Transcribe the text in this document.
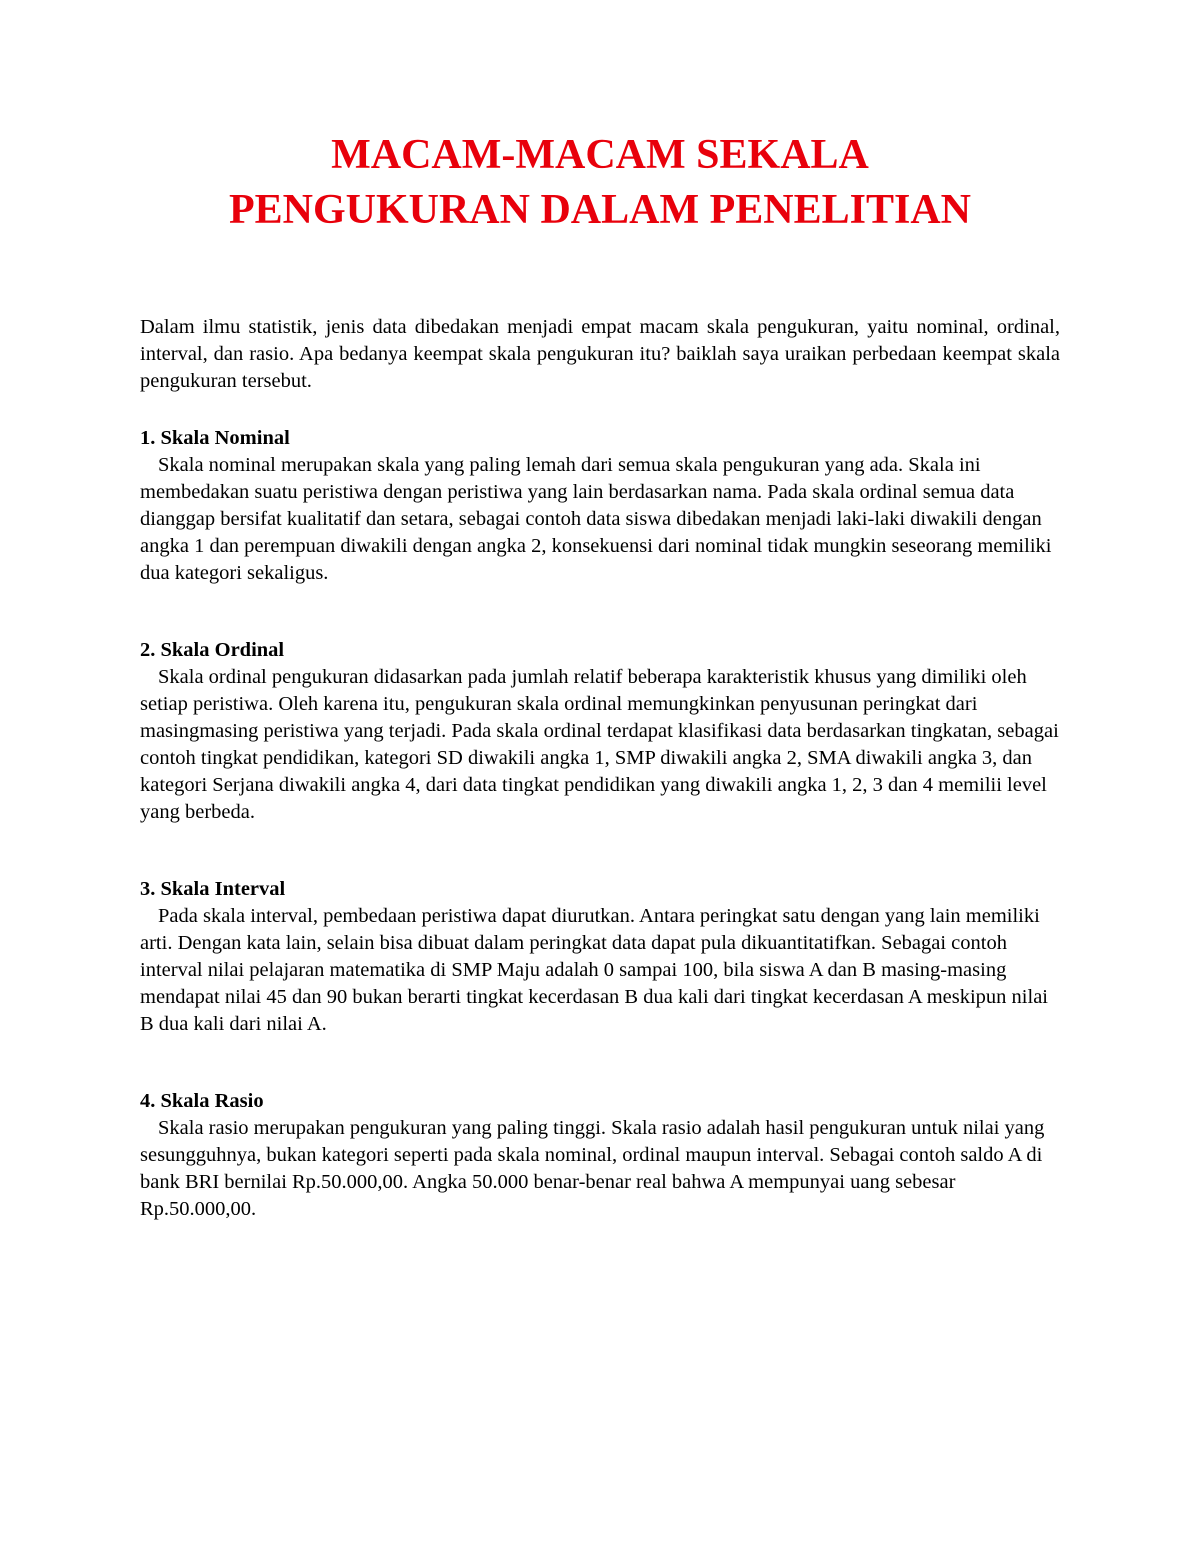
MACAM-MACAM SEKALA
PENGUKURAN DALAM PENELITIAN

Dalam ilmu statistik, jenis data dibedakan menjadi empat macam skala pengukuran, yaitu nominal, ordinal, interval, dan rasio. Apa bedanya keempat skala pengukuran itu? baiklah saya uraikan perbedaan keempat skala pengukuran tersebut.

1. Skala Nominal

Skala nominal merupakan skala yang paling lemah dari semua skala pengukuran yang ada. Skala ini membedakan suatu peristiwa dengan peristiwa yang lain berdasarkan nama. Pada skala ordinal semua data dianggap bersifat kualitatif dan setara, sebagai contoh data siswa dibedakan menjadi laki-laki diwakili dengan angka 1 dan perempuan diwakili dengan angka 2, konsekuensi dari nominal tidak mungkin seseorang memiliki dua kategori sekaligus.

2. Skala Ordinal

Skala ordinal pengukuran didasarkan pada jumlah relatif beberapa karakteristik khusus yang dimiliki oleh setiap peristiwa. Oleh karena itu, pengukuran skala ordinal memungkinkan penyusunan peringkat dari masingmasing peristiwa yang terjadi. Pada skala ordinal terdapat klasifikasi data berdasarkan tingkatan, sebagai contoh tingkat pendidikan, kategori SD diwakili angka 1, SMP diwakili angka 2, SMA diwakili angka 3, dan kategori Serjana diwakili angka 4, dari data tingkat pendidikan yang diwakili angka 1, 2, 3 dan 4 memilii level yang berbeda.

3. Skala Interval

Pada skala interval, pembedaan peristiwa dapat diurutkan. Antara peringkat satu dengan yang lain memiliki arti. Dengan kata lain, selain bisa dibuat dalam peringkat data dapat pula dikuantitatifkan. Sebagai contoh interval nilai pelajaran matematika di SMP Maju adalah 0 sampai 100, bila siswa A dan B masing-masing mendapat nilai 45 dan 90 bukan berarti tingkat kecerdasan B dua kali dari tingkat kecerdasan A meskipun nilai B dua kali dari nilai A.

4. Skala Rasio

Skala rasio merupakan pengukuran yang paling tinggi. Skala rasio adalah hasil pengukuran untuk nilai yang sesungguhnya, bukan kategori seperti pada skala nominal, ordinal maupun interval. Sebagai contoh saldo A di bank BRI bernilai Rp.50.000,00. Angka 50.000 benar-benar real bahwa A mempunyai uang sebesar Rp.50.000,00.
